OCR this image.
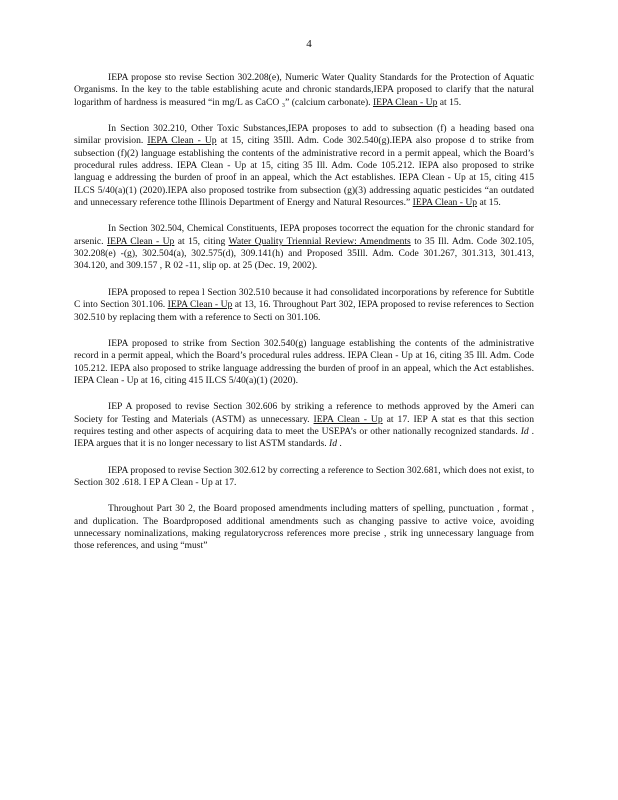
4

IEPA propose sto revise Section 302.208(e), Numeric Water Quality Standards for the Protection of Aquatic Organisms. In the key to the table establishing acute and chronic standards,IEPA proposed to clarify that the natural logarithm of hardness is measured “in mg/L as CaCO ₃” (calcium carbonate). IEPA Clean - Up at 15.

In Section 302.210, Other Toxic Substances,IEPA proposes to add to subsection (f) a heading based ona similar provision. IEPA Clean - Up at 15, citing 35Ill. Adm. Code 302.540(g).IEPA also propose d to strike from subsection (f)(2) language establishing the contents of the administrative record in a permit appeal, which the Board’s procedural rules address. IEPA Clean - Up at 15, citing 35 Ill. Adm. Code 105.212. IEPA also proposed to strike languag e addressing the burden of proof in an appeal, which the Act establishes. IEPA Clean - Up at 15, citing 415 ILCS 5/40(a)(1) (2020).IEPA also proposed tostrike from subsection (g)(3) addressing aquatic pesticides “an outdated and unnecessary reference tothe Illinois Department of Energy and Natural Resources.” IEPA Clean - Up at 15.

In Section 302.504, Chemical Constituents, IEPA proposes tocorrect the equation for the chronic standard for arsenic. IEPA Clean - Up at 15, citing Water Quality Triennial Review: Amendments to 35 Ill. Adm. Code 302.105, 302.208(e) -(g), 302.504(a), 302.575(d), 309.141(h) and Proposed 35Ill. Adm. Code 301.267, 301.313, 301.413, 304.120, and 309.157 , R 02 -11, slip op. at 25 (Dec. 19, 2002).

IEPA proposed to repea l Section 302.510 because it had consolidated incorporations by reference for Subtitle C into Section 301.106. IEPA Clean - Up at 13, 16. Throughout Part 302, IEPA proposed to revise references to Section 302.510 by replacing them with a reference to Secti on 301.106.

IEPA proposed to strike from Section 302.540(g) language establishing the contents of the administrative record in a permit appeal, which the Board’s procedural rules address. IEPA Clean - Up at 16, citing 35 Ill. Adm. Code 105.212. IEPA also proposed to strike language addressing the burden of proof in an appeal, which the Act establishes. IEPA Clean - Up at 16, citing 415 ILCS 5/40(a)(1) (2020).

IEP A proposed to revise Section 302.606 by striking a reference to methods approved by the Ameri can Society for Testing and Materials (ASTM) as unnecessary. IEPA Clean - Up at 17. IEP A stat es that this section requires testing and other aspects of acquiring data to meet the USEPA’s or other nationally recognized standards. Id . IEPA argues that it is no longer necessary to list ASTM standards. Id .

IEPA proposed to revise Section 302.612 by correcting a reference to Section 302.681, which does not exist, to Section 302 .618. I EP A Clean - Up at 17.

Throughout Part 30 2, the Board proposed amendments including matters of spelling, punctuation , format , and duplication. The Boardproposed additional amendments such as changing passive to active voice, avoiding unnecessary nominalizations, making regulatorycross references more precise , strik ing unnecessary language from those references, and using “must”
